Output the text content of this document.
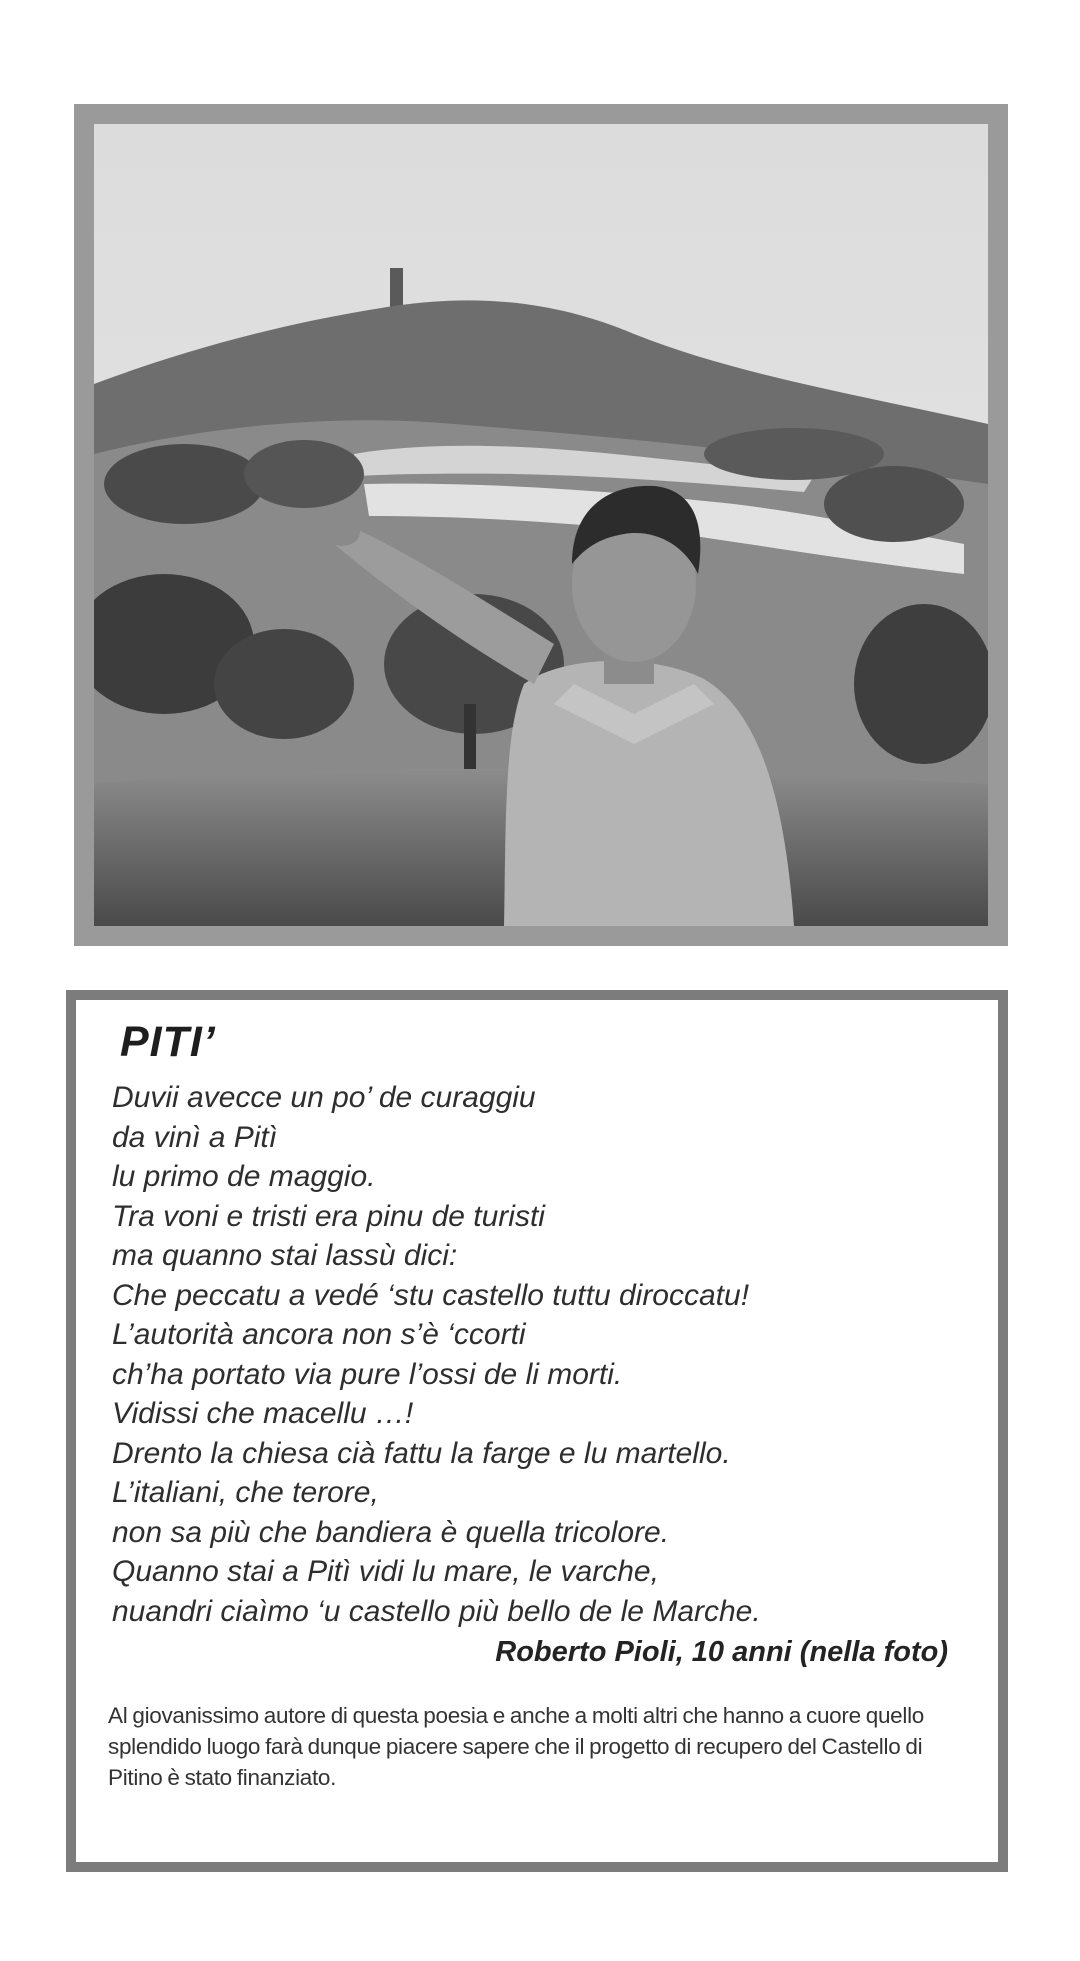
PITI’
Duvii avecce un po’ de curaggiu
da vinì a Pitì
lu primo de maggio.
Tra voni e tristi era pinu de turisti
ma quanno stai lassù dici:
Che peccatu a vedé ‘stu castello tuttu diroccatu!
L’autorità ancora non s’è ‘ccorti
ch’ha portato via pure l’ossi de li morti.
Vidissi che macellu …!
Drento la chiesa cià fattu la farge e lu martello.
L’italiani, che terore,
non sa più che bandiera è quella tricolore.
Quanno stai a Pitì vidi lu mare, le varche,
nuandri ciaìmo ‘u castello più bello de le Marche.

Roberto Pioli, 10 anni (nella foto)

Al giovanissimo autore di questa poesia e anche a molti altri che hanno a cuore quello splendido luogo farà dunque piacere sapere che il progetto di recupero del Castello di Pitino è stato finanziato.
